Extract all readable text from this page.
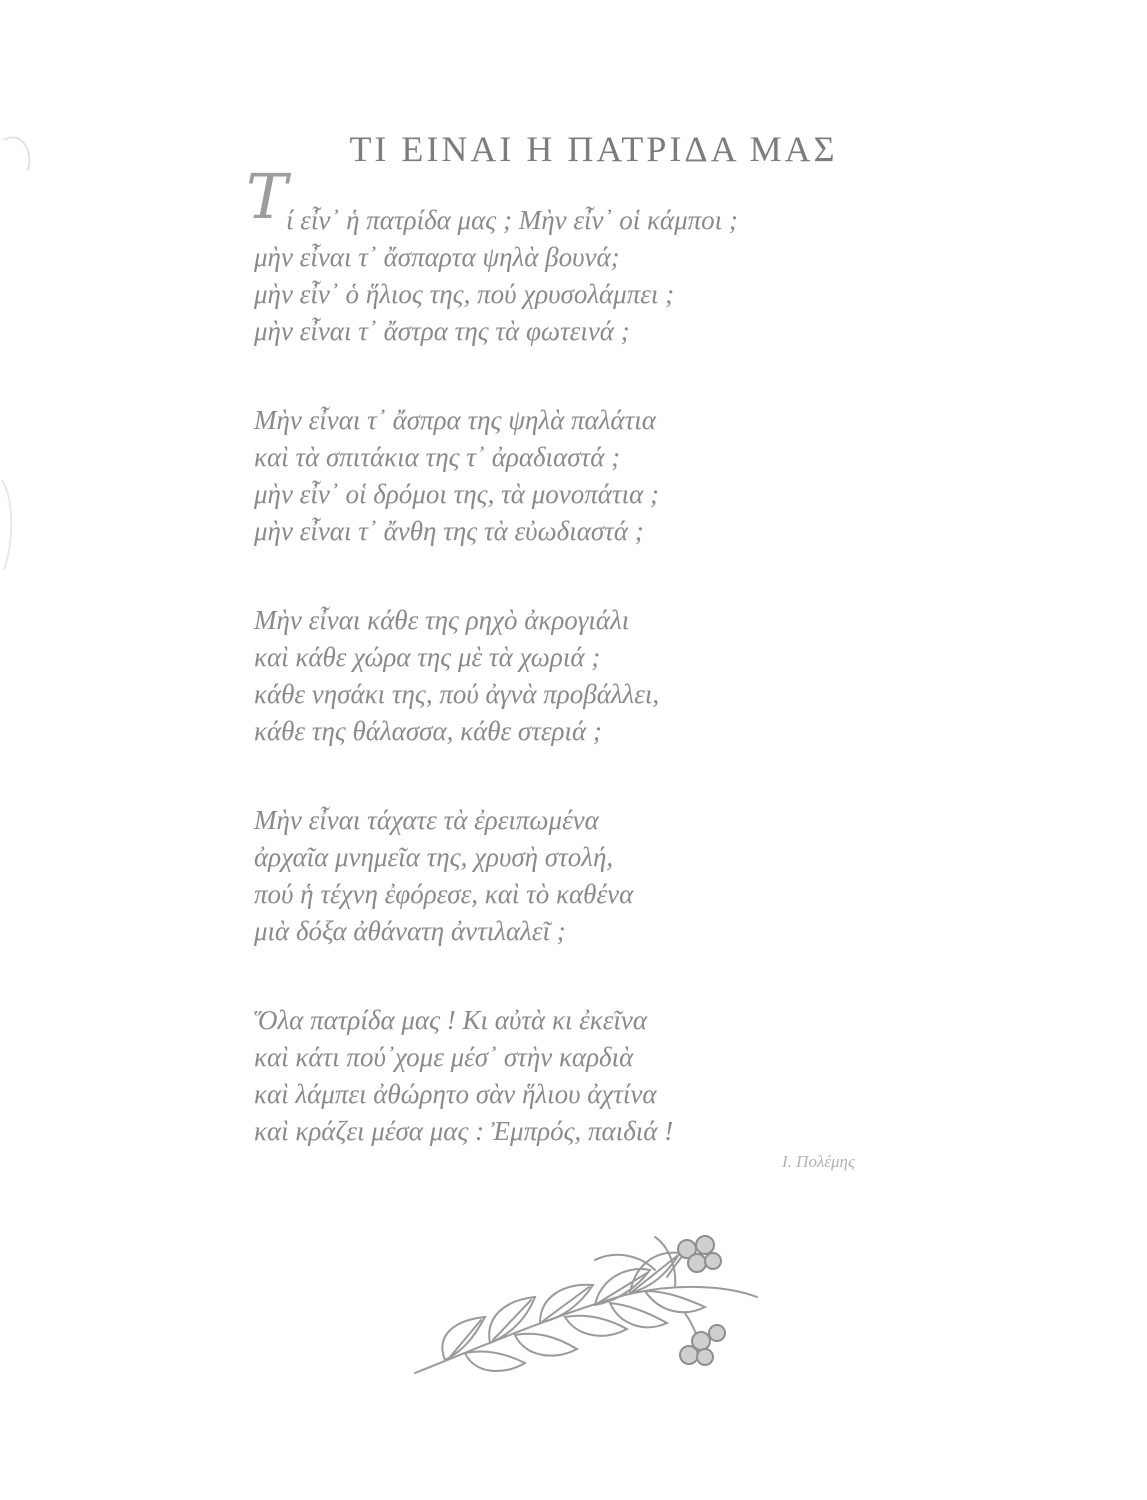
ΤΙ ΕΙΝΑΙ Η ΠΑΤΡΙΔΑ ΜΑΣ
Τ
ί εἶν᾿ ἡ πατρίδα μας ; Μὴν εἶν᾿ οἱ κάμποι ;
μὴν εἶναι τ᾿ ἄσπαρτα ψηλὰ βουνά;
μὴν εἶν᾿ ὁ ἥλιος της, πού χρυσολάμπει ;
μὴν εἶναι τ᾿ ἄστρα της τὰ φωτεινά ;
Μὴν εἶναι τ᾿ ἄσπρα της ψηλὰ παλάτια
καὶ τὰ σπιτάκια της τ᾿ ἀραδιαστά ;
μὴν εἶν᾿ οἱ δρόμοι της, τὰ μονοπάτια ;
μὴν εἶναι τ᾿ ἄνθη της τὰ εὐωδιαστά ;
Μὴν εἶναι κάθε της ρηχὸ ἀκρογιάλι
καὶ κάθε χώρα της μὲ τὰ χωριά ;
κάθε νησάκι της, πού ἀγνὰ προβάλλει,
κάθε της θάλασσα, κάθε στεριά ;
Μὴν εἶναι τάχατε τὰ ἐρειπωμένα
ἀρχαῖα μνημεῖα της, χρυσὴ στολή,
πού ἡ τέχνη ἐφόρεσε, καὶ τὸ καθένα
μιὰ δόξα ἀθάνατη ἀντιλαλεῖ ;
Ὅλα πατρίδα μας ! Κι αὐτὰ κι ἐκεῖνα
καὶ κάτι πού᾿χομε μέσ᾿ στὴν καρδιὰ
καὶ λάμπει ἀθώρητο σὰν ἥλιου ἀχτίνα
καὶ κράζει μέσα μας : Ἐμπρός, παιδιά !
Ι. Πολέμης
